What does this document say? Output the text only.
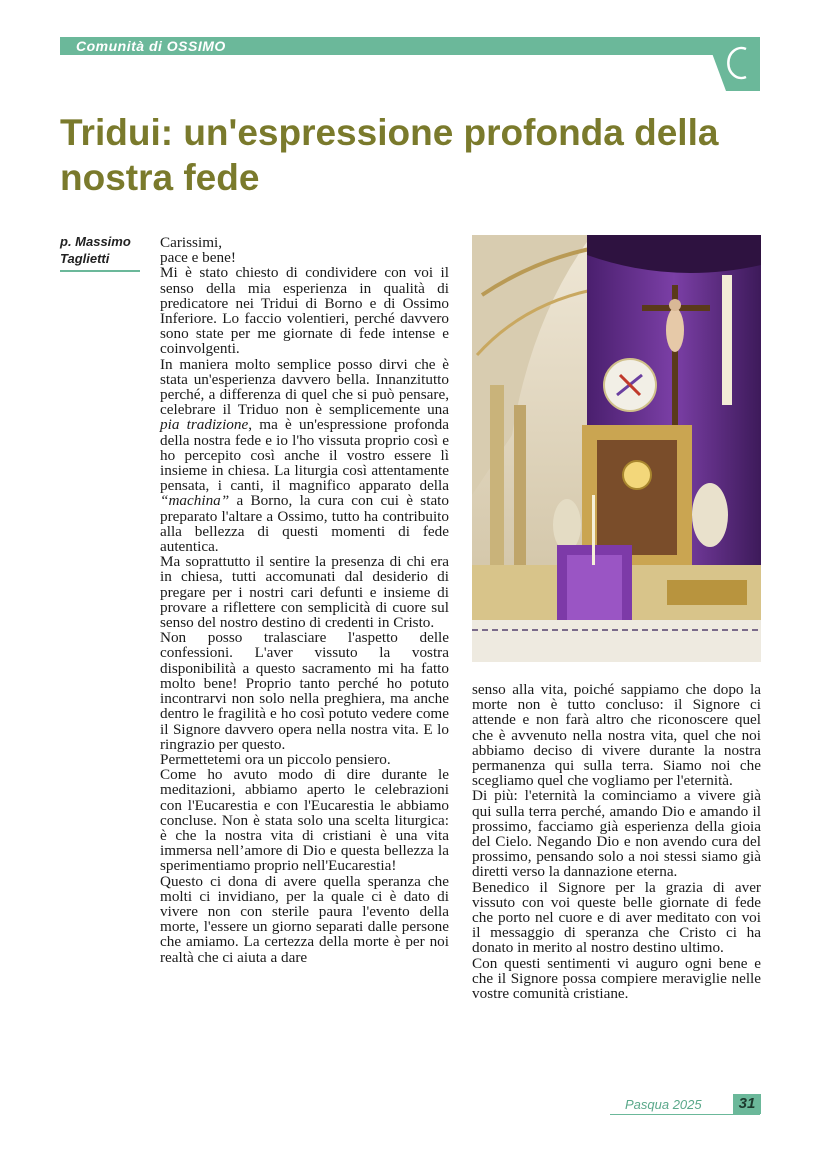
Comunità di OSSIMO
Tridui: un'espressione profonda della nostra fede
p. Massimo Taglietti

Carissimi,

pace e bene!

Mi è stato chiesto di condividere con voi il senso della mia esperienza in qualità di predicatore nei Tridui di Borno e di Ossimo Inferiore. Lo faccio volentieri, perché davvero sono state per me giornate di fede intense e coinvolgenti.

In maniera molto semplice posso dirvi che è stata un'esperienza davvero bella. Innanzitutto perché, a differenza di quel che si può pensare, celebrare il Triduo non è semplicemente una pia tradizione, ma è un'espressione profonda della nostra fede e io l'ho vissuta proprio così e ho percepito così anche il vostro essere lì insieme in chiesa. La liturgia così attentamente pensata, i canti, il magnifico apparato della “machina” a Borno, la cura con cui è stato preparato l'altare a Ossimo, tutto ha contribuito alla bellezza di questi momenti di fede autentica.

Ma soprattutto il sentire la presenza di chi era in chiesa, tutti accomunati dal desiderio di pregare per i nostri cari defunti e insieme di provare a riflettere con semplicità di cuore sul senso del nostro destino di credenti in Cristo.

Non posso tralasciare l'aspetto delle confessioni. L'aver vissuto la vostra disponibilità a questo sacramento mi ha fatto molto bene! Proprio tanto perché ho potuto incontrarvi non solo nella preghiera, ma anche dentro le fragilità e ho così potuto vedere come il Signore davvero opera nella nostra vita. E lo ringrazio per questo.

Permettetemi ora un piccolo pensiero.

Come ho avuto modo di dire durante le meditazioni, abbiamo aperto le celebrazioni con l'Eucarestia e con l'Eucarestia le abbiamo concluse. Non è stata solo una scelta liturgica: è che la nostra vita di cristiani è una vita immersa nell’amore di Dio e questa bellezza la sperimentiamo proprio nell'Eucarestia!

Questo ci dona di avere quella speranza che molti ci invidiano, per la quale ci è dato di vivere non con sterile paura l'evento della morte, l'essere un giorno separati dalle persone che amiamo. La certezza della morte è per noi realtà che ci aiuta a dare

senso alla vita, poiché sappiamo che dopo la morte non è tutto concluso: il Signore ci attende e non farà altro che riconoscere quel che è avvenuto nella nostra vita, quel che noi abbiamo deciso di vivere durante la nostra permanenza qui sulla terra. Siamo noi che scegliamo quel che vogliamo per l'eternità.

Di più: l'eternità la cominciamo a vivere già qui sulla terra perché, amando Dio e amando il prossimo, facciamo già esperienza della gioia del Cielo. Negando Dio e non avendo cura del prossimo, pensando solo a noi stessi siamo già diretti verso la dannazione eterna.

Benedico il Signore per la grazia di aver vissuto con voi queste belle giornate di fede che porto nel cuore e di aver meditato con voi il messaggio di speranza che Cristo ci ha donato in merito al nostro destino ultimo.

Con questi sentimenti vi auguro ogni bene e che il Signore possa compiere meraviglie nelle vostre comunità cristiane.

Pasqua 2025	31
